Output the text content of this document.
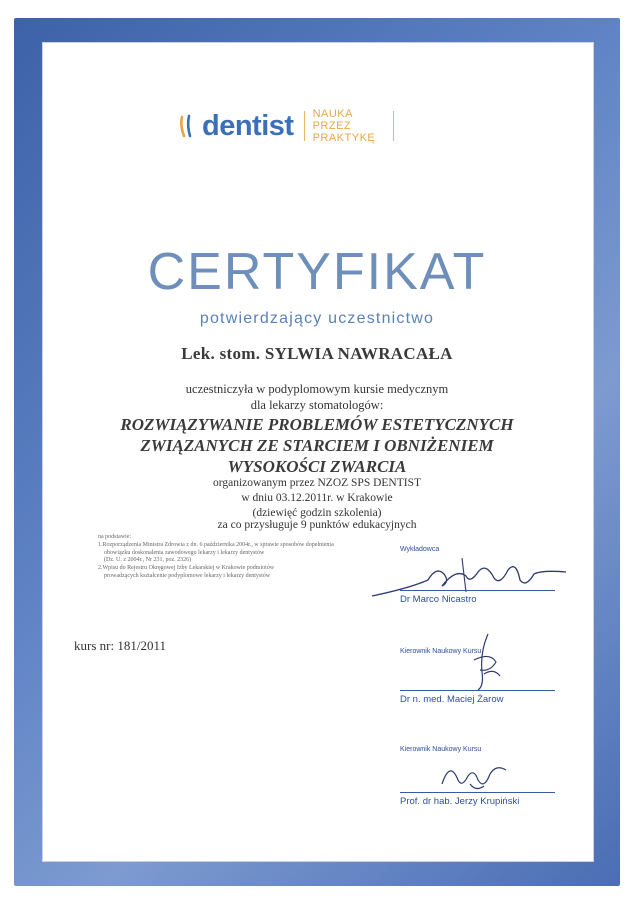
dentist NAUKA PRZEZ
PRAKTYKĘ
CERTYFIKAT
potwierdzający uczestnictwo
Lek. stom. SYLWIA NAWRACAŁA
uczestniczyła w podyplomowym kursie medycznym
dla lekarzy stomatologów:
ROZWIĄZYWANIE PROBLEMÓW ESTETYCZNYCH
ZWIĄZANYCH ZE STARCIEM I OBNIŻENIEM
WYSOKOŚCI ZWARCIA
organizowanym przez NZOZ SPS DENTIST
w dniu 03.12.2011r. w Krakowie
(dziewięć godzin szkolenia)
za co przysługuje 9 punktów edukacyjnych
na podstawie:
1.Rozporządzenia Ministra Zdrowia z dn. 6 października 2004r., w sprawie sposobów dopełnienia
obowiązku doskonalenia zawodowego lekarzy i lekarzy dentystów
(Dz. U. z 2004r., Nr 231, poz. 2326)
2.Wpisu do Rejestru Okręgowej Izby Lekarskiej w Krakowie podmiotów
prowadzących kształcenie podyplomowe lekarzy i lekarzy dentystów
kurs nr: 181/2011
Wykładowca
Dr Marco Nicastro
Kierownik Naukowy Kursu
Dr n. med. Maciej Żarow
Kierownik Naukowy Kursu
Prof. dr hab. Jerzy Krupiński
